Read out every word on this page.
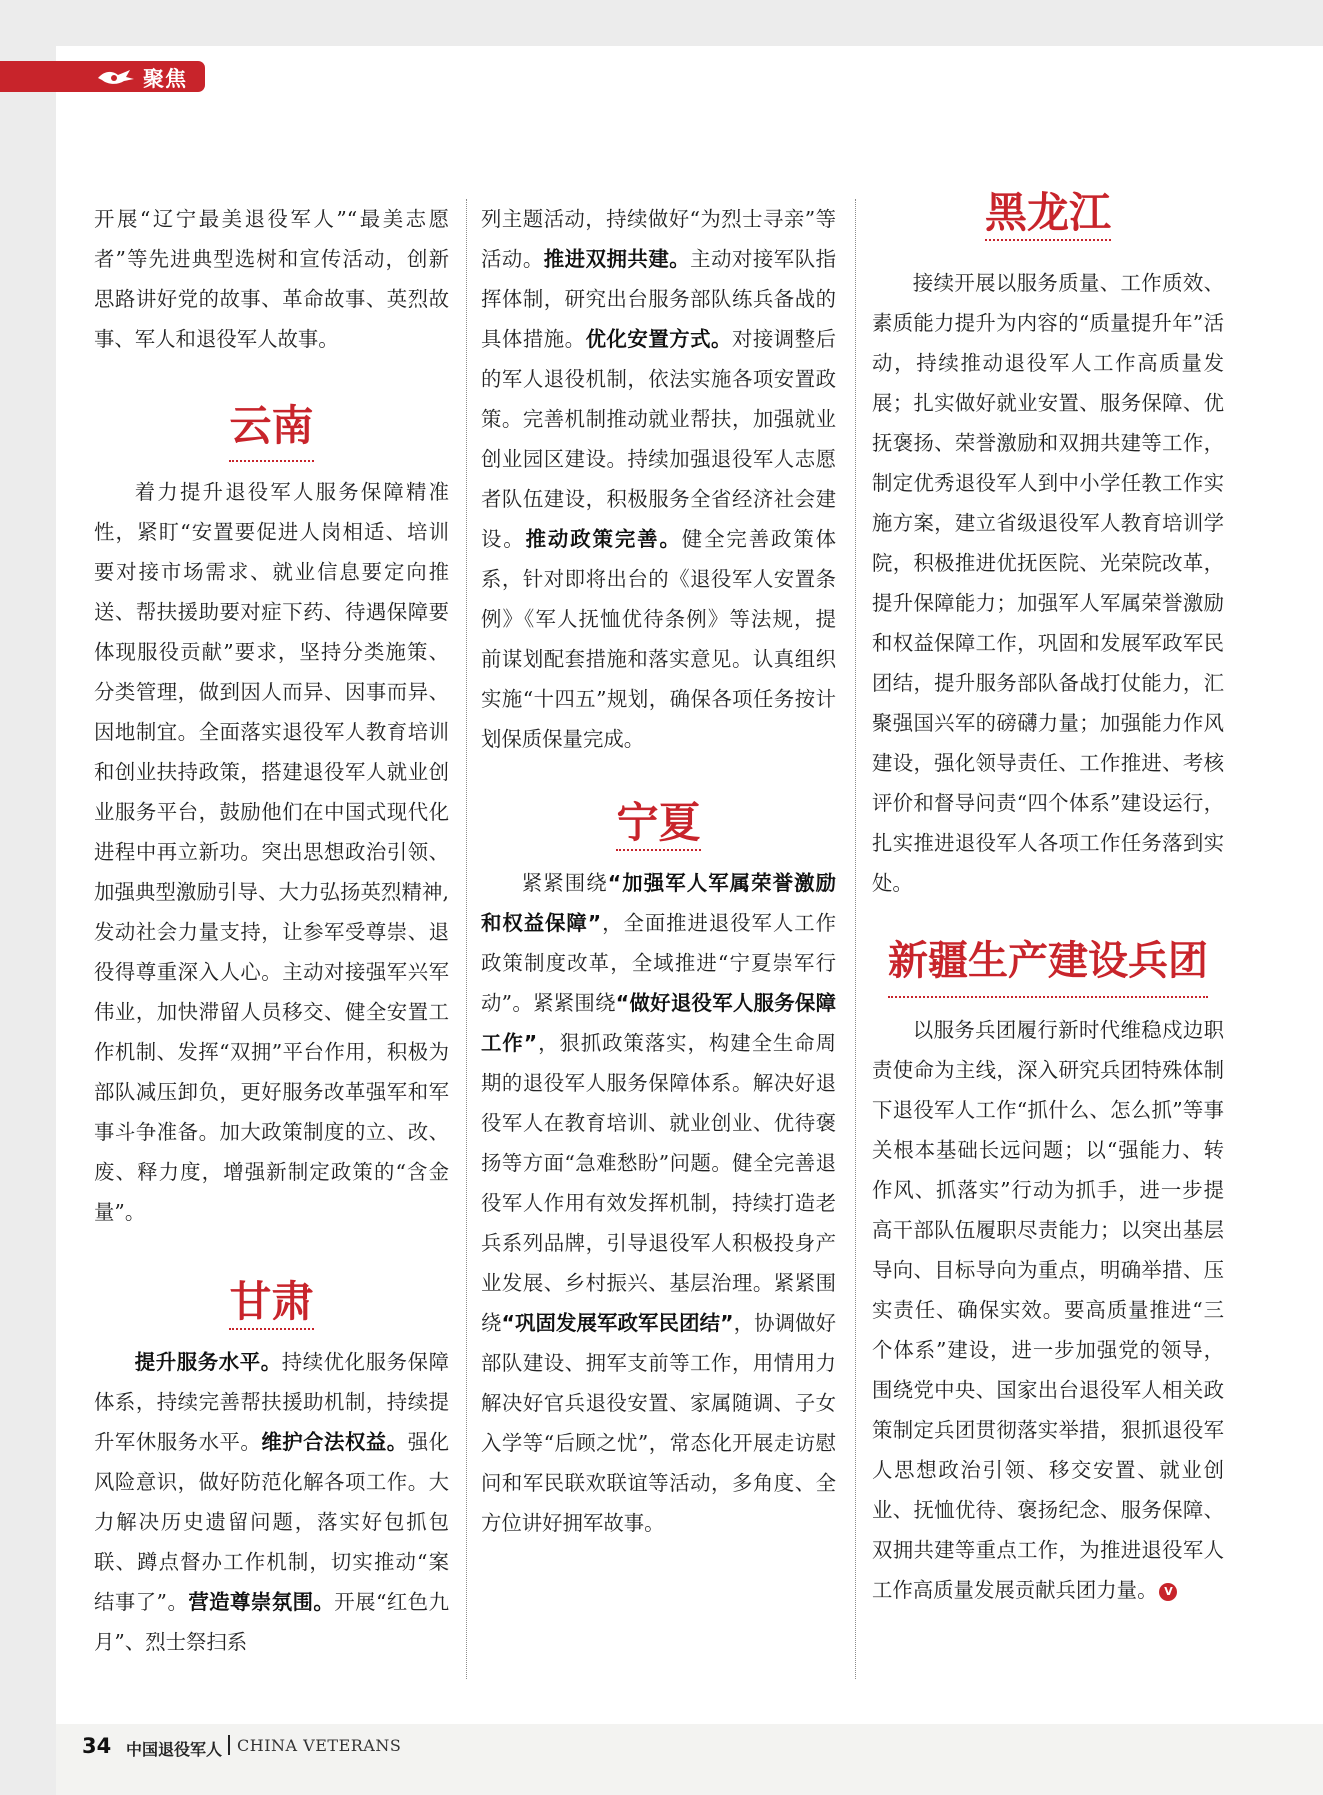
聚焦

开展“辽宁最美退役军人”“最美志愿者”等先进典型选树和宣传活动，创新思路讲好党的故事、革命故事、英烈故事、军人和退役军人故事。

云南

着力提升退役军人服务保障精准性，紧盯“安置要促进人岗相适、培训要对接市场需求、就业信息要定向推送、帮扶援助要对症下药、待遇保障要体现服役贡献”要求，坚持分类施策、分类管理，做到因人而异、因事而异、因地制宜。全面落实退役军人教育培训和创业扶持政策，搭建退役军人就业创业服务平台，鼓励他们在中国式现代化进程中再立新功。突出思想政治引领、加强典型激励引导、大力弘扬英烈精神,发动社会力量支持，让参军受尊崇、退役得尊重深入人心。主动对接强军兴军伟业，加快滞留人员移交、健全安置工作机制、发挥“双拥”平台作用，积极为部队减压卸负，更好服务改革强军和军事斗争准备。加大政策制度的立、改、废、释力度，增强新制定政策的“含金量”。

甘肃

提升服务水平。持续优化服务保障体系，持续完善帮扶援助机制，持续提升军休服务水平。维护合法权益。强化风险意识，做好防范化解各项工作。大力解决历史遗留问题，落实好包抓包联、蹲点督办工作机制，切实推动“案结事了”。营造尊崇氛围。开展“红色九月”、烈士祭扫系

列主题活动，持续做好“为烈士寻亲”等活动。推进双拥共建。主动对接军队指挥体制，研究出台服务部队练兵备战的具体措施。优化安置方式。对接调整后的军人退役机制，依法实施各项安置政策。完善机制推动就业帮扶，加强就业创业园区建设。持续加强退役军人志愿者队伍建设，积极服务全省经济社会建设。推动政策完善。健全完善政策体系，针对即将出台的《退役军人安置条例》《军人抚恤优待条例》等法规，提前谋划配套措施和落实意见。认真组织实施“十四五”规划，确保各项任务按计划保质保量完成。

宁夏

紧紧围绕“加强军人军属荣誉激励和权益保障”，全面推进退役军人工作政策制度改革，全域推进“宁夏崇军行动”。紧紧围绕“做好退役军人服务保障工作”，狠抓政策落实，构建全生命周期的退役军人服务保障体系。解决好退役军人在教育培训、就业创业、优待褒扬等方面“急难愁盼”问题。健全完善退役军人作用有效发挥机制，持续打造老兵系列品牌，引导退役军人积极投身产业发展、乡村振兴、基层治理。紧紧围绕“巩固发展军政军民团结”，协调做好部队建设、拥军支前等工作，用情用力解决好官兵退役安置、家属随调、子女入学等“后顾之忧”，常态化开展走访慰问和军民联欢联谊等活动，多角度、全方位讲好拥军故事。

黑龙江

接续开展以服务质量、工作质效、素质能力提升为内容的“质量提升年”活动，持续推动退役军人工作高质量发展；扎实做好就业安置、服务保障、优抚褒扬、荣誉激励和双拥共建等工作，制定优秀退役军人到中小学任教工作实施方案，建立省级退役军人教育培训学院，积极推进优抚医院、光荣院改革，提升保障能力；加强军人军属荣誉激励和权益保障工作，巩固和发展军政军民团结，提升服务部队备战打仗能力，汇聚强国兴军的磅礴力量；加强能力作风建设，强化领导责任、工作推进、考核评价和督导问责“四个体系”建设运行，扎实推进退役军人各项工作任务落到实处。

新疆生产建设兵团

以服务兵团履行新时代维稳戍边职责使命为主线，深入研究兵团特殊体制下退役军人工作“抓什么、怎么抓”等事关根本基础长远问题；以“强能力、转作风、抓落实”行动为抓手，进一步提高干部队伍履职尽责能力；以突出基层导向、目标导向为重点，明确举措、压实责任、确保实效。要高质量推进“三个体系”建设，进一步加强党的领导，围绕党中央、国家出台退役军人相关政策制定兵团贯彻落实举措，狠抓退役军人思想政治引领、移交安置、就业创业、抚恤优待、褒扬纪念、服务保障、双拥共建等重点工作，为推进退役军人工作高质量发展贡献兵团力量。 V

34 中国退役军人 CHINA VETERANS
